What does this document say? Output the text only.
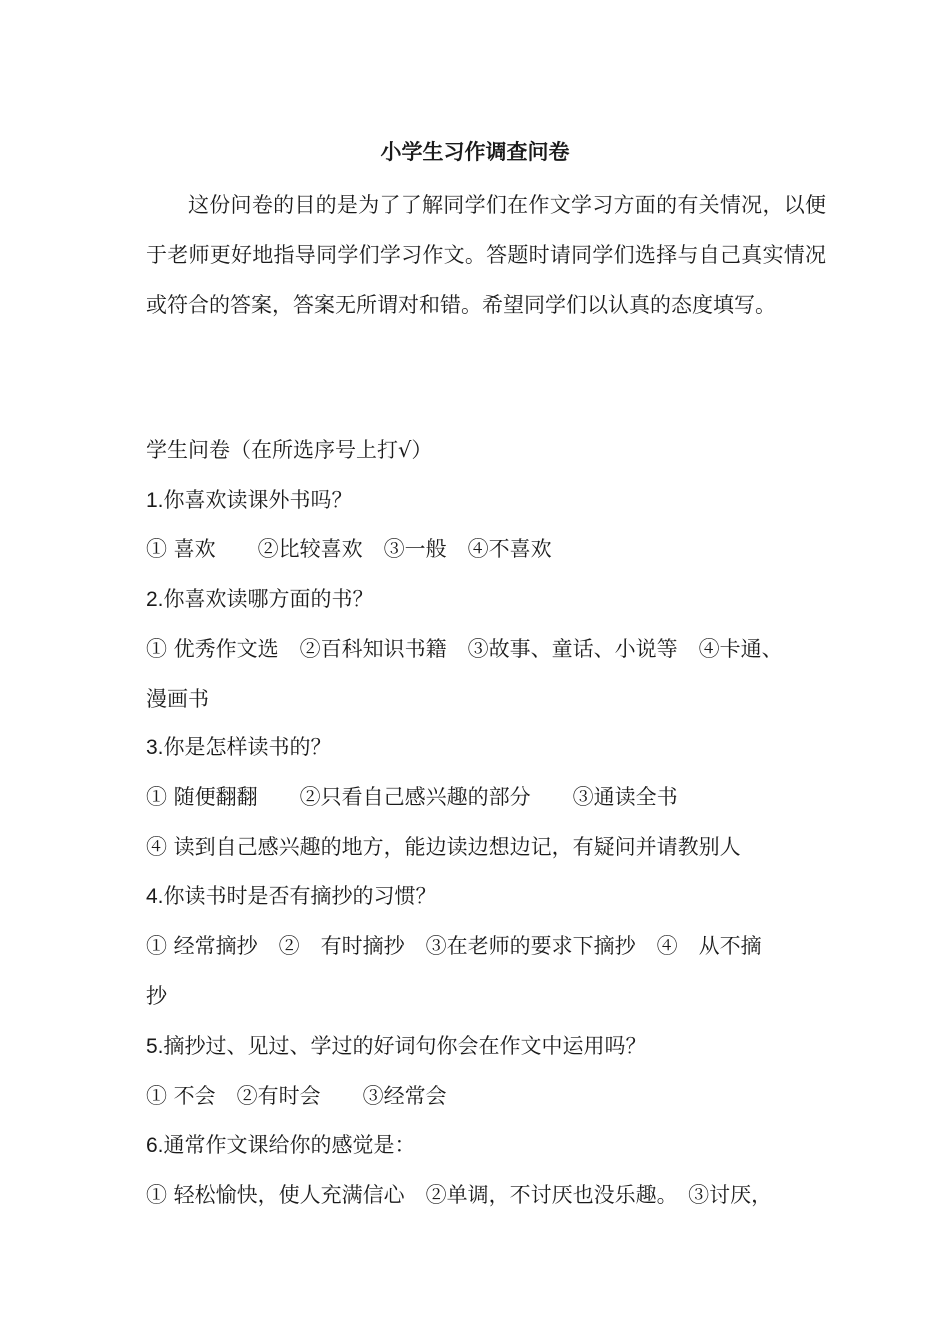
小学生习作调查问卷
这份问卷的目的是为了了解同学们在作文学习方面的有关情况，以便于老师更好地指导同学们学习作文。答题时请同学们选择与自己真实情况或符合的答案，答案无所谓对和错。希望同学们以认真的态度填写。
学生问卷（在所选序号上打√）
1.你喜欢读课外书吗？
① 喜欢　　②比较喜欢　③一般　④不喜欢
2.你喜欢读哪方面的书？
① 优秀作文选　②百科知识书籍　③故事、童话、小说等　④卡通、
漫画书
3.你是怎样读书的？
① 随便翻翻　　②只看自己感兴趣的部分　　③通读全书
④ 读到自己感兴趣的地方，能边读边想边记，有疑问并请教别人
4.你读书时是否有摘抄的习惯？
① 经常摘抄　②　有时摘抄　③在老师的要求下摘抄　④　从不摘
抄
5.摘抄过、见过、学过的好词句你会在作文中运用吗？
① 不会　②有时会　　③经常会
6.通常作文课给你的感觉是：
① 轻松愉快，使人充满信心　②单调，不讨厌也没乐趣。　③讨厌，
